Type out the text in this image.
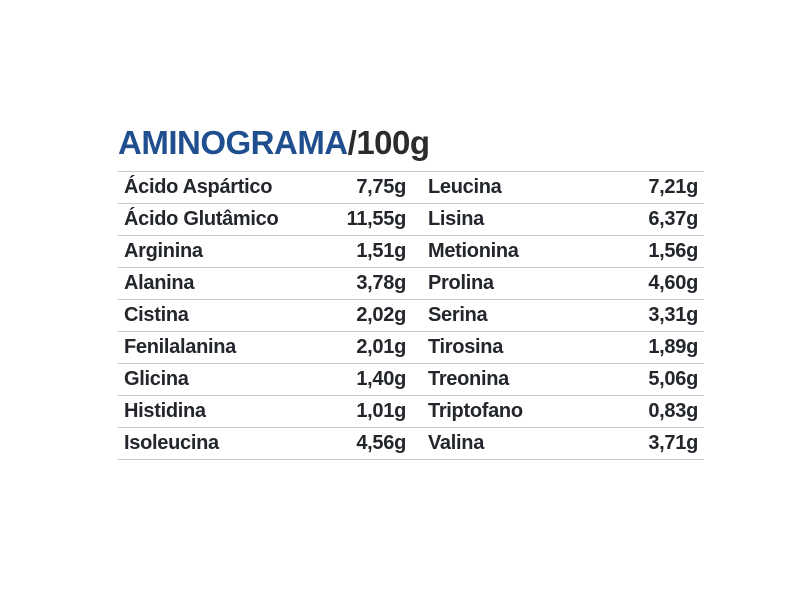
AMINOGRAMA/100g
Ácido Aspártico	7,75g		Leucina	7,21g
Ácido Glutâmico	11,55g		Lisina	6,37g
Arginina	1,51g		Metionina	1,56g
Alanina	3,78g		Prolina	4,60g
Cistina	2,02g		Serina	3,31g
Fenilalanina	2,01g		Tirosina	1,89g
Glicina	1,40g		Treonina	5,06g
Histidina	1,01g		Triptofano	0,83g
Isoleucina	4,56g		Valina	3,71g
